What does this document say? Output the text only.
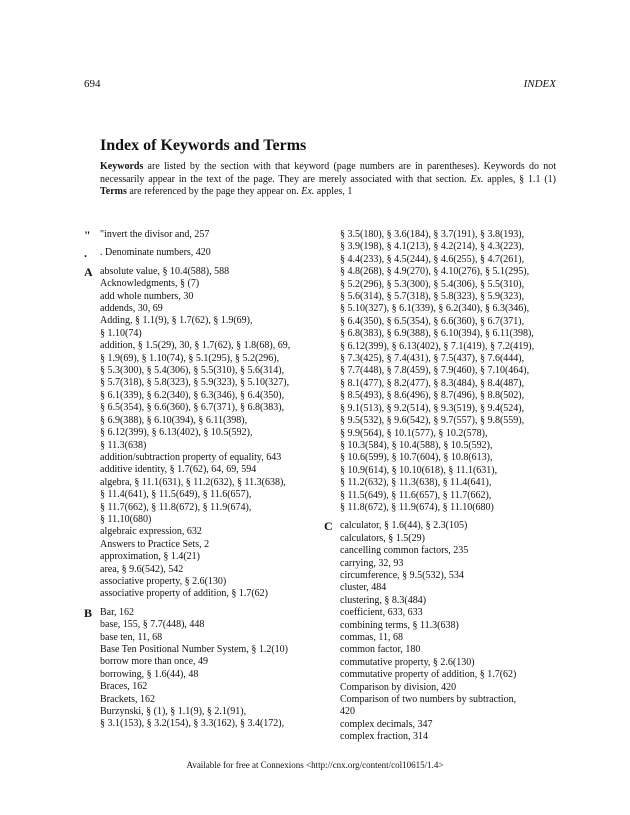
694	INDEX
Index of Keywords and Terms

Keywords are listed by the section with that keyword (page numbers are in parentheses). Keywords do not necessarily appear in the text of the page. They are merely associated with that section. Ex. apples, § 1.1 (1) Terms are referenced by the page they appear on. Ex. apples, 1

" "invert the divisor and, 257
.	. Denominate numbers, 420
A absolute value, § 10.4(588), 588
Acknowledgments, § (7)
add whole numbers, 30
addends, 30, 69
Adding, § 1.1(9), § 1.7(62), § 1.9(69),
§ 1.10(74)
addition, § 1.5(29), 30, § 1.7(62), § 1.8(68), 69,
§ 1.9(69), § 1.10(74), § 5.1(295), § 5.2(296),
§ 5.3(300), § 5.4(306), § 5.5(310), § 5.6(314),
§ 5.7(318), § 5.8(323), § 5.9(323), § 5.10(327),
§ 6.1(339), § 6.2(340), § 6.3(346), § 6.4(350),
§ 6.5(354), § 6.6(360), § 6.7(371), § 6.8(383),
§ 6.9(388), § 6.10(394), § 6.11(398),
§ 6.12(399), § 6.13(402), § 10.5(592),
§ 11.3(638)
addition/subtraction property of equality, 643
additive identity, § 1.7(62), 64, 69, 594
algebra, § 11.1(631), § 11.2(632), § 11.3(638),
§ 11.4(641), § 11.5(649), § 11.6(657),
§ 11.7(662), § 11.8(672), § 11.9(674),
§ 11.10(680)
algebraic expression, 632
Answers to Practice Sets, 2
approximation, § 1.4(21)
area, § 9.6(542), 542
associative property, § 2.6(130)
associative property of addition, § 1.7(62)
B Bar, 162
base, 155, § 7.7(448), 448
base ten, 11, 68
Base Ten Positional Number System, § 1.2(10)
borrow more than once, 49
borrowing, § 1.6(44), 48
Braces, 162
Brackets, 162
Burzynski, § (1), § 1.1(9), § 2.1(91),
§ 3.1(153), § 3.2(154), § 3.3(162), § 3.4(172),
§ 3.5(180), § 3.6(184), § 3.7(191), § 3.8(193),
§ 3.9(198), § 4.1(213), § 4.2(214), § 4.3(223),
§ 4.4(233), § 4.5(244), § 4.6(255), § 4.7(261),
§ 4.8(268), § 4.9(270), § 4.10(276), § 5.1(295),
§ 5.2(296), § 5.3(300), § 5.4(306), § 5.5(310),
§ 5.6(314), § 5.7(318), § 5.8(323), § 5.9(323),
§ 5.10(327), § 6.1(339), § 6.2(340), § 6.3(346),
§ 6.4(350), § 6.5(354), § 6.6(360), § 6.7(371),
§ 6.8(383), § 6.9(388), § 6.10(394), § 6.11(398),
§ 6.12(399), § 6.13(402), § 7.1(419), § 7.2(419),
§ 7.3(425), § 7.4(431), § 7.5(437), § 7.6(444),
§ 7.7(448), § 7.8(459), § 7.9(460), § 7.10(464),
§ 8.1(477), § 8.2(477), § 8.3(484), § 8.4(487),
§ 8.5(493), § 8.6(496), § 8.7(496), § 8.8(502),
§ 9.1(513), § 9.2(514), § 9.3(519), § 9.4(524),
§ 9.5(532), § 9.6(542), § 9.7(557), § 9.8(559),
§ 9.9(564), § 10.1(577), § 10.2(578),
§ 10.3(584), § 10.4(588), § 10.5(592),
§ 10.6(599), § 10.7(604), § 10.8(613),
§ 10.9(614), § 10.10(618), § 11.1(631),
§ 11.2(632), § 11.3(638), § 11.4(641),
§ 11.5(649), § 11.6(657), § 11.7(662),
§ 11.8(672), § 11.9(674), § 11.10(680)
C calculator, § 1.6(44), § 2.3(105)
calculators, § 1.5(29)
cancelling common factors, 235
carrying, 32, 93
circumference, § 9.5(532), 534
cluster, 484
clustering, § 8.3(484)
coefficient, 633, 633
combining terms, § 11.3(638)
commas, 11, 68
common factor, 180
commutative property, § 2.6(130)
commutative property of addition, § 1.7(62)
Comparison by division, 420
Comparison of two numbers by subtraction,
420
complex decimals, 347
complex fraction, 314
Available for free at Connexions <http://cnx.org/content/col10615/1.4>
